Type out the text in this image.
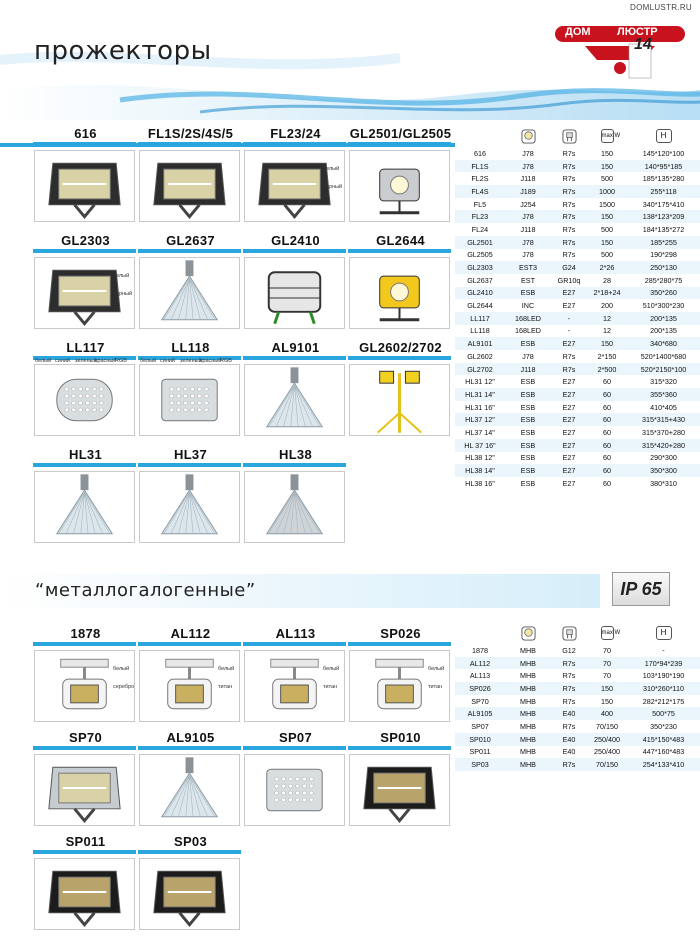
DOMLUSTR.RU
ДОМ ЛЮСТР
14
прожекторы
“металлогалогенные”	IP 65
616	FL1S/2S/4S/5	FL23/24
белый
черный
GL2501/GL2505
GL2303
белый
черный
GL2637	GL2410	GL2644
LL117
белый синий зеленый
красный
RGB
LL118
белый синий зеленый
красный
RGB
AL9101	GL2602/2702
HL31	HL37	HL38
1878
белый
серебро
AL112
белый
титан
AL113
белый
титан
SP026
белый
титан
SP70	AL9105	SP07	SP010
SP011	SP03
			max W	H
616	J78	R7s	150	145*120*100
FL1S	J78	R7s	150	140*95*185
FL2S	J118	R7s	500	185*135*280
FL4S	J189	R7s	1000	255*118
FL5	J254	R7s	1500	340*175*410
FL23	J78	R7s	150	138*123*209
FL24	J118	R7s	500	184*135*272
GL2501	J78	R7s	150	185*255
GL2505	J78	R7s	500	190*298
GL2303	EST3	G24	2*26	250*130
GL2637	EST	GR10q	28	285*280*75
GL2410	ESB	E27	2*18+24	350*260
GL2644	INC	E27	200	510*300*230
LL117	168LED	-	12	200*135
LL118	168LED	-	12	200*135
AL9101	ESB	E27	150	340*680
GL2602	J78	R7s	2*150	520*1400*680
GL2702	J118	R7s	2*500	520*2150*100
HL31 12"	ESB	E27	60	315*320
HL31 14"	ESB	E27	60	355*360
HL31 16"	ESB	E27	60	410*405
HL37 12"	ESB	E27	60	315*315+430
HL37 14"	ESB	E27	60	315*370+280
HL 37 16"	ESB	E27	60	315*420+280
HL38 12"	ESB	E27	60	290*300
HL38 14"	ESB	E27	60	350*300
HL38 16"	ESB	E27	60	380*310
			max W	H
1878	MHB	G12	70	-
AL112	MHB	R7s	70	170*94*239
AL113	MHB	R7s	70	103*190*190
SP026	MHB	R7s	150	310*260*110
SP70	MHB	R7s	150	282*212*175
AL9105	MHB	E40	400	500*75
SP07	MHB	R7s	70/150	350*230
SP010	MHB	E40	250/400	415*150*483
SP011	MHB	E40	250/400	447*160*483
SP03	MHB	R7s	70/150	254*133*410
